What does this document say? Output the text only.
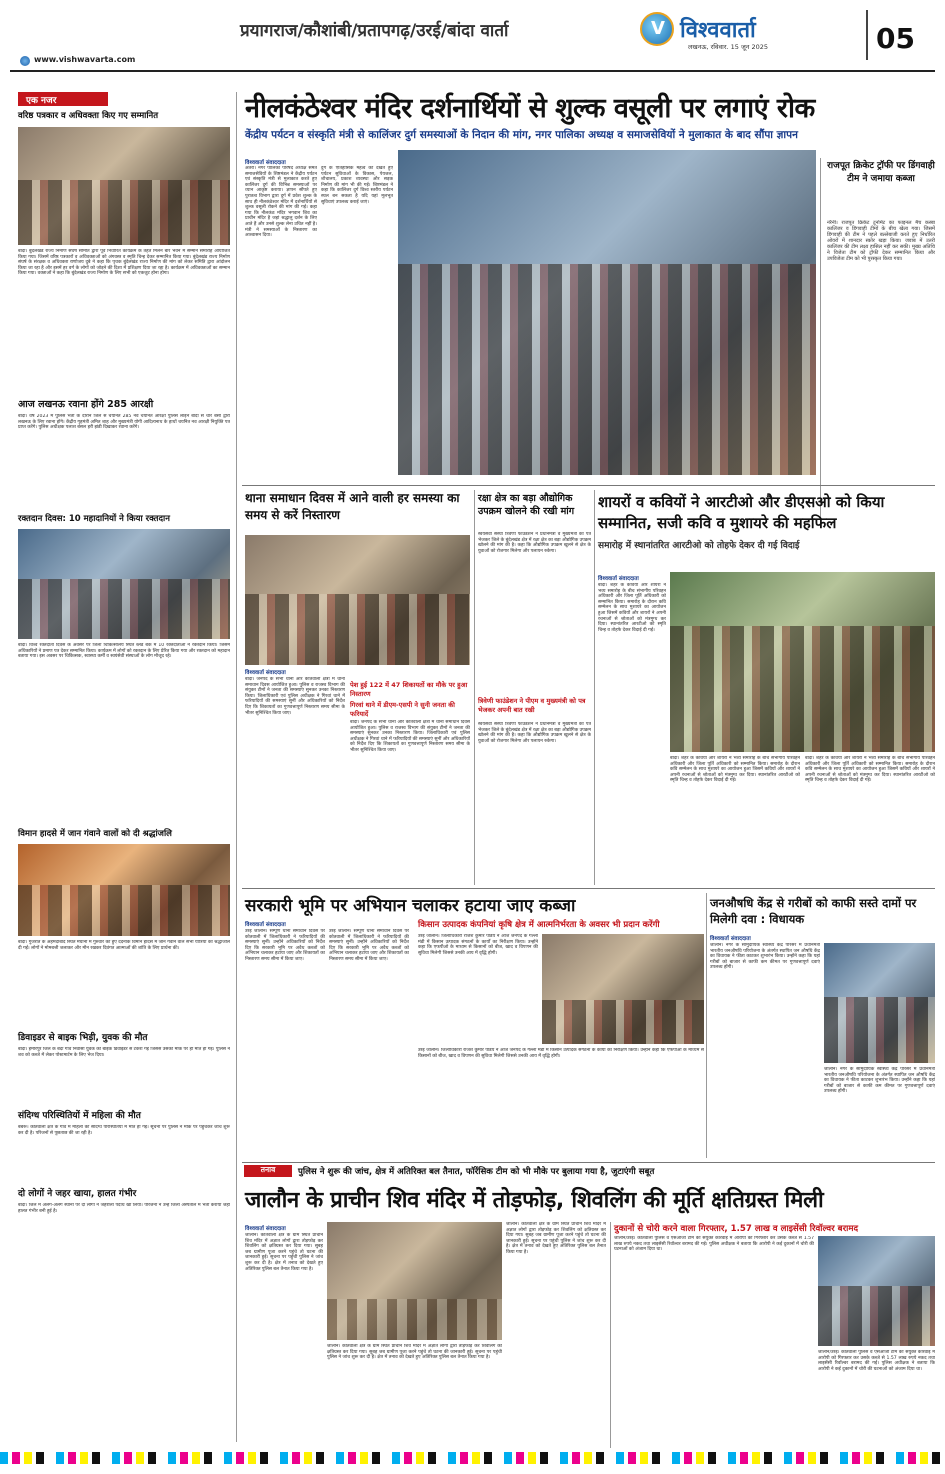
प्रयागराज/कौशांबी/प्रतापगढ़/उरई/बांदा वार्ता	V विश्ववार्ता
लखनऊ, रविवार. 15 जून 2025	05
www.vishwavarta.com
एक नजर
वरिष्ठ पत्रकार व अधिवक्ता किए गए सम्मानित
बांदा। बुंदेलखंड राज्य निर्माण संघर्ष समिति द्वारा पूर्व निर्धारित कार्यक्रम के तहत मिलन बार भवन में सम्मान समारोह आयोजित किया गया। जिसमें वरिष्ठ पत्रकारों व अधिवक्ताओं को अंगवस्त्र व स्मृति चिन्ह देकर सम्मानित किया गया। बुंदेलखंड राज्य निर्माण संघर्ष के संरक्षक व अधिवक्ता राणोजय दुबे ने कहा कि पृथक बुंदेलखंड राज्य निर्माण की मांग को लेकर समिति द्वारा आंदोलन किया जा रहा है और इसमें हर वर्ग के लोगों को जोड़ने की दिशा में प्रशिक्षण दिया जा रहा है। कार्यक्रम में अधिवक्ताओं का सम्मान किया गया। वक्ताओं ने कहा कि बुंदेलखंड राज्य निर्माण के लिए सभी को एकजुट होना होगा।
आज लखनऊ रवाना होंगे 285 आरक्षी
बांदा। वर्ष 2023 में पुलिस भर्ती के दौरान जिले से चयनित 285 नव चयनित आरक्षी पुलिस लाइन बांदा से चार बसों द्वारा लखनऊ के लिए रवाना होंगे। केंद्रीय गृहमंत्री अमित शाह और मुख्यमंत्री योगी आदित्यनाथ के हाथों चयनित नव आरक्षी नियुक्ति पत्र प्राप्त करेंगे। पुलिस अधीक्षक पलाश बंसल हरी झंडी दिखाकर रवाना करेंगे।
रक्तदान दिवस: 10 महादानियों ने किया रक्तदान
बांदा। विश्व रक्तदाता दिवस के अवसर पर जिला चिकित्सालय स्थित ब्लड बैंक में 10 रक्तदाताओं ने रक्तदान किया। जिसमें अधिकारियों ने प्रमाण पत्र देकर सम्मानित किया। कार्यक्रम में लोगों को रक्तदान के लिए प्रेरित किया गया और रक्तदान को महादान बताया गया। इस अवसर पर चिकित्सक, स्वास्थ्य कर्मी व स्वयंसेवी संस्थाओं के लोग मौजूद रहे।
विमान हादसे में जान गंवाने वालों को दी श्रद्धांजलि
बांदा। गुजरात के अहमदाबाद स्थित मेघानी में गुरुवार को हुए दर्दनाक विमान हादसे में जान गंवाने वाले सभी यात्रियों को श्रद्धांजलि दी गई। लोगों ने मोमबत्ती जलाकर और मौन रखकर दिवंगत आत्माओं की शांति के लिए प्रार्थना की।
डिवाइडर से बाइक भिड़ी, युवक की मौत
बांदा। हमीरपुर जिले के बेंदा गांव निवासी युवक की बाइक डिवाइडर से टकरा गई जिससे उसकी मौके पर ही मौत हो गई। पुलिस ने शव को कब्जे में लेकर पोस्टमार्टम के लिए भेज दिया।
संदिग्ध परिस्थितियों में महिला की मौत
बबेरू। कोतवाली क्षेत्र के गांव में महिला की संदिग्ध परिस्थितियों में मौत हो गई। सूचना पर पुलिस ने मौके पर पहुंचकर जांच शुरू कर दी है। परिजनों से पूछताछ की जा रही है।
दो लोगों ने जहर खाया, हालत गंभीर
बांदा। जिले में अलग-अलग स्थानों पर दो लोगों ने जहरीला पदार्थ खा लिया। परिजनों ने उन्हें जिला अस्पताल में भर्ती कराया जहां हालत गंभीर बनी हुई है।
नीलकंठेश्वर मंदिर दर्शनार्थियों से शुल्क वसूली पर लगाएं रोक
केंद्रीय पर्यटन व संस्कृति मंत्री से कालिंजर दुर्ग समस्याओं के निदान की मांग, नगर पालिका अध्यक्ष व समाजसेवियों ने मुलाकात के बाद सौंपा ज्ञापन
विश्ववार्ता संवाददाता
अतर्रा। नगर पालिका परिषद अध्यक्ष समेत समाजसेवियों के शिष्टमंडल ने केंद्रीय पर्यटन एवं संस्कृति मंत्री से मुलाकात करते हुए कालिंजर दुर्ग की विभिन्न समस्याओं पर ध्यान आकृष्ट कराया। ज्ञापन सौंपते हुए पुरातत्व विभाग द्वारा दुर्ग में प्रवेश शुल्क के साथ ही नीलकंठेश्वर मंदिर में दर्शनार्थियों से शुल्क वसूली रोकने की मांग की गई। कहा गया कि नीलकंठ मंदिर भगवान शिव का प्राचीन मंदिर है जहां श्रद्धालु दर्शन के लिए आते हैं और उनसे शुल्क लेना उचित नहीं है। मंत्री ने समस्याओं के निस्तारण का आश्वासन दिया।
दुर्ग के ऐतिहासिक महत्व को देखते हुए पर्यटन सुविधाओं के विकास, पेयजल, शौचालय, प्रकाश व्यवस्था और सड़क निर्माण की मांग भी की गई। शिष्टमंडल ने कहा कि कालिंजर दुर्ग विश्व स्तरीय पर्यटन स्थल बन सकता है यदि यहां मूलभूत सुविधाएं उपलब्ध कराई जाएं।
राजपूत क्रिकेट ट्रॉफी पर डिंगवाही टीम ने जमाया कब्जा
नरैनी। राजपूत क्रिकेट टूर्नामेंट का फाइनल मैच कस्बा कालिंजर व डिंगवाही टीमों के बीच खेला गया। जिसमें डिंगवाही की टीम ने पहले बल्लेबाजी करते हुए निर्धारित ओवरों में शानदार स्कोर खड़ा किया। जवाब में उतरी कालिंजर की टीम लक्ष्य हासिल नहीं कर सकी। मुख्य अतिथि ने विजेता टीम को ट्रॉफी देकर सम्मानित किया और उपविजेता टीम को भी पुरस्कृत किया गया।
थाना समाधान दिवस में आने वाली हर समस्या का समय से करें निस्तारण
विश्ववार्ता संवाददाता
बांदा। जनपद के सभी थानों और कोतवाली क्षेत्रों में थाना समाधान दिवस आयोजित हुआ। पुलिस व राजस्व विभाग की संयुक्त टीमों ने जनता की समस्याएं सुनकर उनका निस्तारण किया। जिलाधिकारी एवं पुलिस अधीक्षक ने गिरवां थाने में फरियादियों की समस्याएं सुनीं और अधिकारियों को निर्देश दिए कि शिकायतों का गुणवत्तापूर्ण निस्तारण समय सीमा के भीतर सुनिश्चित किया जाए।
पेश हुई 122 में 47 शिकायतों का मौके पर हुआ निस्तारण
गिरवां थाने में डीएम-एसपी ने सुनी जनता की फरियादें
बांदा। जनपद के सभी थानों और कोतवाली क्षेत्रों में थाना समाधान दिवस आयोजित हुआ। पुलिस व राजस्व विभाग की संयुक्त टीमों ने जनता की समस्याएं सुनकर उनका निस्तारण किया। जिलाधिकारी एवं पुलिस अधीक्षक ने गिरवां थाने में फरियादियों की समस्याएं सुनीं और अधिकारियों को निर्देश दिए कि शिकायतों का गुणवत्तापूर्ण निस्तारण समय सीमा के भीतर सुनिश्चित किया जाए।
रक्षा क्षेत्र का बड़ा औद्योगिक उपक्रम खोलने की रखी मांग
स्वयंसेवी संस्था त्रिवेणी फाउंडेशन ने प्रधानमंत्री व मुख्यमंत्री को पत्र भेजकर जिले के बुंदेलखंड क्षेत्र में रक्षा क्षेत्र का बड़ा औद्योगिक उपक्रम खोलने की मांग की है। कहा कि औद्योगिक उपक्रम खुलने से क्षेत्र के युवाओं को रोजगार मिलेगा और पलायन रुकेगा।
त्रिवेणी फाउंडेशन ने पीएम व मुख्यमंत्री को पत्र भेजकर अपनी बात रखी
स्वयंसेवी संस्था त्रिवेणी फाउंडेशन ने प्रधानमंत्री व मुख्यमंत्री को पत्र भेजकर जिले के बुंदेलखंड क्षेत्र में रक्षा क्षेत्र का बड़ा औद्योगिक उपक्रम खोलने की मांग की है। कहा कि औद्योगिक उपक्रम खुलने से क्षेत्र के युवाओं को रोजगार मिलेगा और पलायन रुकेगा।
शायरों व कवियों ने आरटीओ और डीएसओ को किया सम्मानित, सजी कवि व मुशायरे की महफिल
समारोह में स्थानांतरित आरटीओ को तोहफे देकर दी गई विदाई
विश्ववार्ता संवाददाता
बांदा। शहर के कवियों और शायरों ने भव्य समारोह के बीच संभागीय परिवहन अधिकारी और जिला पूर्ति अधिकारी को सम्मानित किया। समारोह के दौरान कवि सम्मेलन के साथ मुशायरे का आयोजन हुआ जिसमें कवियों और शायरों ने अपनी रचनाओं से श्रोताओं को मंत्रमुग्ध कर दिया। स्थानांतरित आरटीओ को स्मृति चिन्ह व तोहफे देकर विदाई दी गई।
बांदा। शहर के कवियों और शायरों ने भव्य समारोह के बीच संभागीय परिवहन अधिकारी और जिला पूर्ति अधिकारी को सम्मानित किया। समारोह के दौरान कवि सम्मेलन के साथ मुशायरे का आयोजन हुआ जिसमें कवियों और शायरों ने अपनी रचनाओं से श्रोताओं को मंत्रमुग्ध कर दिया। स्थानांतरित आरटीओ को स्मृति चिन्ह व तोहफे देकर विदाई दी गई।
बांदा। शहर के कवियों और शायरों ने भव्य समारोह के बीच संभागीय परिवहन अधिकारी और जिला पूर्ति अधिकारी को सम्मानित किया। समारोह के दौरान कवि सम्मेलन के साथ मुशायरे का आयोजन हुआ जिसमें कवियों और शायरों ने अपनी रचनाओं से श्रोताओं को मंत्रमुग्ध कर दिया। स्थानांतरित आरटीओ को स्मृति चिन्ह व तोहफे देकर विदाई दी गई।
सरकारी भूमि पर अभियान चलाकर हटाया जाए कब्जा
विश्ववार्ता संवाददाता
उरई जालौन। सम्पूर्ण थाना समाधान दिवस पर कोतवाली में जिलाधिकारी ने फरियादियों की समस्याएं सुनीं। उन्होंने अधिकारियों को निर्देश दिए कि सरकारी भूमि पर अवैध कब्जों को अभियान चलाकर हटाया जाए और शिकायतों का निस्तारण समय सीमा में किया जाए।
उरई जालौन। सम्पूर्ण थाना समाधान दिवस पर कोतवाली में जिलाधिकारी ने फरियादियों की समस्याएं सुनीं। उन्होंने अधिकारियों को निर्देश दिए कि सरकारी भूमि पर अवैध कब्जों को अभियान चलाकर हटाया जाए और शिकायतों का निस्तारण समय सीमा में किया जाए।
किसान उत्पादक कंपनियां कृषि क्षेत्र में आत्मनिर्भरता के अवसर भी प्रदान करेंगी
उरई जालौन। जिलाधिकारी राजेश कुमार पांडेय ने आज जनपद के गल्ला मंडी में किसान उत्पादक संगठनों के कार्यों का निरीक्षण किया। उन्होंने कहा कि एफपीओ के माध्यम से किसानों को बीज, खाद व विपणन की सुविधा मिलेगी जिससे उनकी आय में वृद्धि होगी।
उरई जालौन। जिलाधिकारी राजेश कुमार पांडेय ने आज जनपद के गल्ला मंडी में किसान उत्पादक संगठनों के कार्यों का निरीक्षण किया। उन्होंने कहा कि एफपीओ के माध्यम से किसानों को बीज, खाद व विपणन की सुविधा मिलेगी जिससे उनकी आय में वृद्धि होगी।
जनऔषधि केंद्र से गरीबों को काफी सस्ते दामों पर मिलेगी दवा : विधायक
विश्ववार्ता संवाददाता
जालौन। नगर के सामुदायिक स्वास्थ्य केंद्र परिसर में प्रधानमंत्री भारतीय जनऔषधि परियोजना के अंतर्गत स्थापित जन औषधि केंद्र का विधायक ने फीता काटकर शुभारंभ किया। उन्होंने कहा कि यहां गरीबों को बाजार से काफी कम कीमत पर गुणवत्तापूर्ण दवाएं उपलब्ध होंगी।
जालौन। नगर के सामुदायिक स्वास्थ्य केंद्र परिसर में प्रधानमंत्री भारतीय जनऔषधि परियोजना के अंतर्गत स्थापित जन औषधि केंद्र का विधायक ने फीता काटकर शुभारंभ किया। उन्होंने कहा कि यहां गरीबों को बाजार से काफी कम कीमत पर गुणवत्तापूर्ण दवाएं उपलब्ध होंगी।
तनाव	पुलिस ने शुरू की जांच, क्षेत्र में अतिरिक्त बल तैनात, फॉरेंसिक टीम को भी मौके पर बुलाया गया है, जुटाएंगी सबूत
जालौन के प्राचीन शिव मंदिर में तोड़फोड़, शिवलिंग की मूर्ति क्षतिग्रस्त मिली
विश्ववार्ता संवाददाता
जालौन। कोतवाली क्षेत्र के ग्राम स्थित प्राचीन शिव मंदिर में अज्ञात लोगों द्वारा तोड़फोड़ कर शिवलिंग को क्षतिग्रस्त कर दिया गया। सुबह जब ग्रामीण पूजा करने पहुंचे तो घटना की जानकारी हुई। सूचना पर पहुंची पुलिस ने जांच शुरू कर दी है। क्षेत्र में तनाव को देखते हुए अतिरिक्त पुलिस बल तैनात किया गया है।
जालौन। कोतवाली क्षेत्र के ग्राम स्थित प्राचीन शिव मंदिर में अज्ञात लोगों द्वारा तोड़फोड़ कर शिवलिंग को क्षतिग्रस्त कर दिया गया। सुबह जब ग्रामीण पूजा करने पहुंचे तो घटना की जानकारी हुई। सूचना पर पहुंची पुलिस ने जांच शुरू कर दी है। क्षेत्र में तनाव को देखते हुए अतिरिक्त पुलिस बल तैनात किया गया है।
जालौन। कोतवाली क्षेत्र के ग्राम स्थित प्राचीन शिव मंदिर में अज्ञात लोगों द्वारा तोड़फोड़ कर शिवलिंग को क्षतिग्रस्त कर दिया गया। सुबह जब ग्रामीण पूजा करने पहुंचे तो घटना की जानकारी हुई। सूचना पर पहुंची पुलिस ने जांच शुरू कर दी है। क्षेत्र में तनाव को देखते हुए अतिरिक्त पुलिस बल तैनात किया गया है।
दुकानों से चोरी करने वाला गिरफ्तार, 1.57 लाख व लाइसेंसी रिवॉल्वर बरामद
जालौन/उरई। कोतवाली पुलिस व एसओजी टीम की संयुक्त कार्रवाई में आरोपी को गिरफ्तार कर उसके कब्जे से 1.57 लाख रुपये नकद तथा लाइसेंसी रिवॉल्वर बरामद की गई। पुलिस अधीक्षक ने बताया कि आरोपी ने कई दुकानों में चोरी की घटनाओं को अंजाम दिया था।
जालौन/उरई। कोतवाली पुलिस व एसओजी टीम की संयुक्त कार्रवाई में आरोपी को गिरफ्तार कर उसके कब्जे से 1.57 लाख रुपये नकद तथा लाइसेंसी रिवॉल्वर बरामद की गई। पुलिस अधीक्षक ने बताया कि आरोपी ने कई दुकानों में चोरी की घटनाओं को अंजाम दिया था।
